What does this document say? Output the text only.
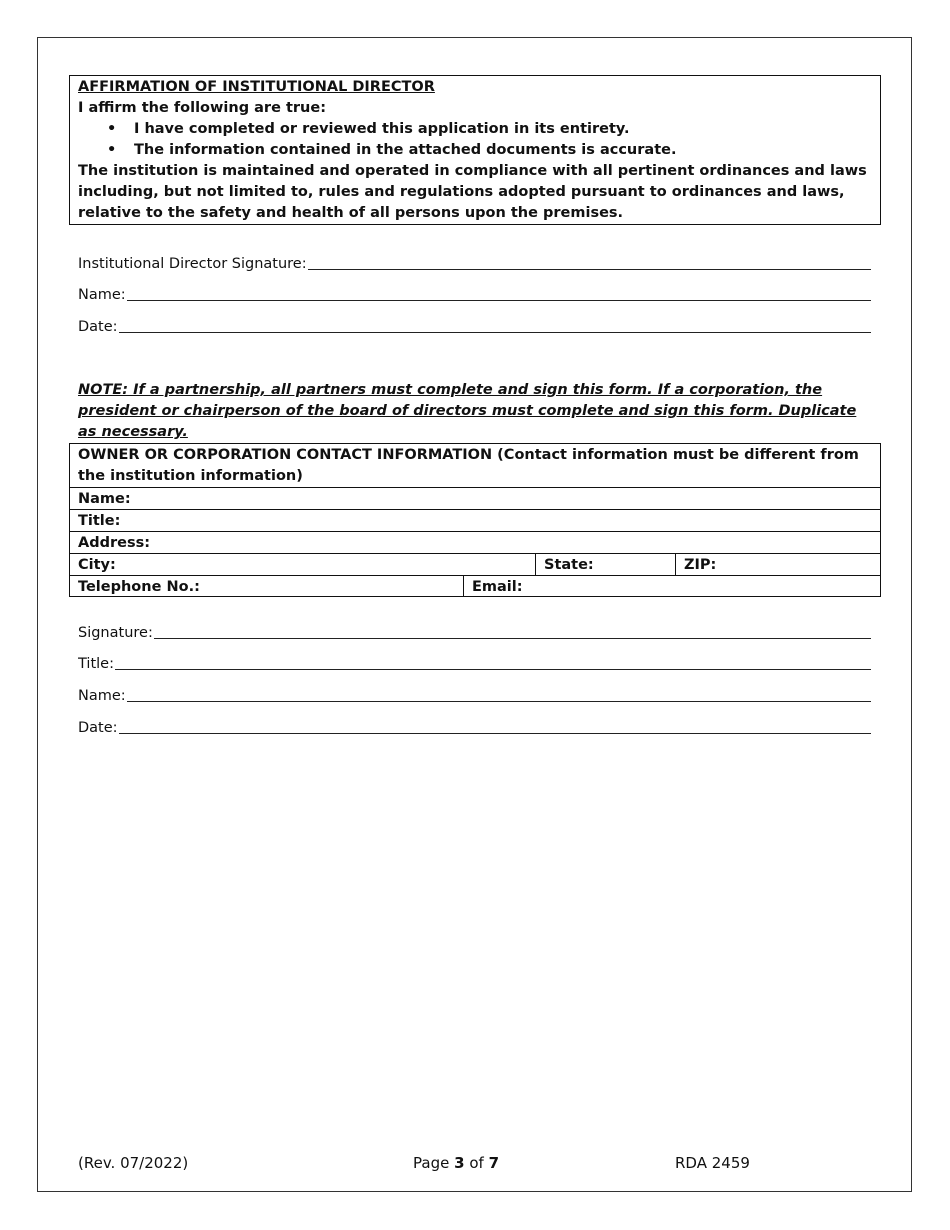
AFFIRMATION OF INSTITUTIONAL DIRECTOR
I affirm the following are true:
• I have completed or reviewed this application in its entirety.
• The information contained in the attached documents is accurate.
The institution is maintained and operated in compliance with all pertinent ordinances and laws including, but not limited to, rules and regulations adopted pursuant to ordinances and laws, relative to the safety and health of all persons upon the premises.
Institutional Director Signature:
Name:
Date:
NOTE: If a partnership, all partners must complete and sign this form. If a corporation, the president or chairperson of the board of directors must complete and sign this form. Duplicate as necessary.
OWNER OR CORPORATION CONTACT INFORMATION (Contact information must be different from the institution information)
Name:
Title:
Address:
City:	State:	ZIP:
Telephone No.:	Email:
Signature:
Title:
Name:
Date:
(Rev. 07/2022)	Page 3 of 7	RDA 2459
